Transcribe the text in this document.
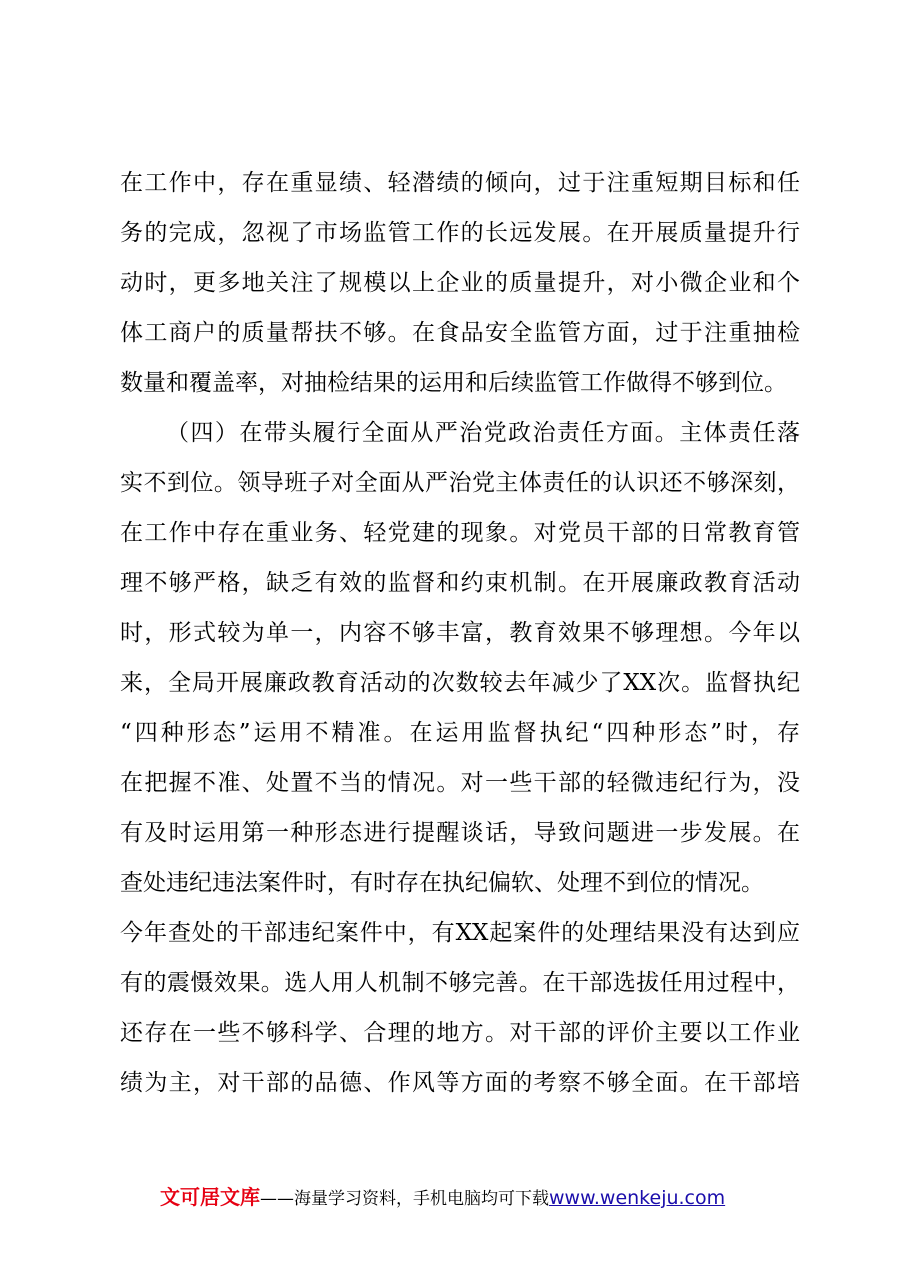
在工作中，存在重显绩、轻潜绩的倾向，过于注重短期目标和任
务的完成，忽视了市场监管工作的长远发展。在开展质量提升行
动时，更多地关注了规模以上企业的质量提升，对小微企业和个
体工商户的质量帮扶不够。在食品安全监管方面，过于注重抽检
数量和覆盖率，对抽检结果的运用和后续监管工作做得不够到位。
（四）在带头履行全面从严治党政治责任方面。主体责任落
实不到位。领导班子对全面从严治党主体责任的认识还不够深刻，
在工作中存在重业务、轻党建的现象。对党员干部的日常教育管
理不够严格，缺乏有效的监督和约束机制。在开展廉政教育活动
时，形式较为单一，内容不够丰富，教育效果不够理想。今年以
来，全局开展廉政教育活动的次数较去年减少了XX次。监督执纪
“四种形态”运用不精准。在运用监督执纪“四种形态”时，存
在把握不准、处置不当的情况。对一些干部的轻微违纪行为，没
有及时运用第一种形态进行提醒谈话，导致问题进一步发展。在
查处违纪违法案件时，有时存在执纪偏软、处理不到位的情况。
今年查处的干部违纪案件中，有XX起案件的处理结果没有达到应
有的震慑效果。选人用人机制不够完善。在干部选拔任用过程中，
还存在一些不够科学、合理的地方。对干部的评价主要以工作业
绩为主，对干部的品德、作风等方面的考察不够全面。在干部培
文可居文库——海量学习资料，手机电脑均可下载www.wenkeju.com
